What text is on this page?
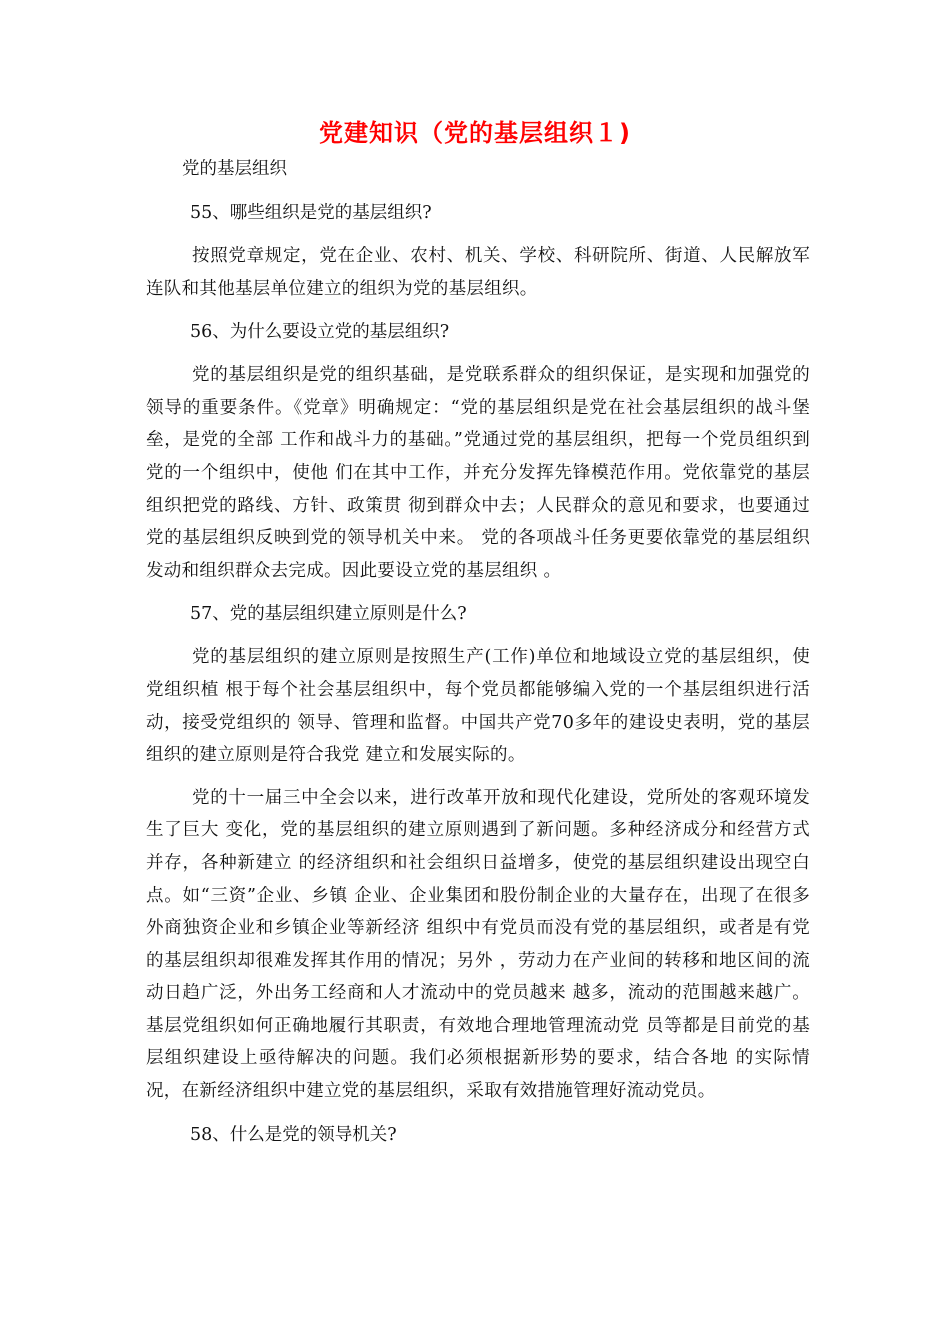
党建知识（党的基层组织１)

党的基层组织

55、哪些组织是党的基层组织?

按照党章规定，党在企业、农村、机关、学校、科研院所、街道、人民解放军连队和其他基层单位建立的组织为党的基层组织。

56、为什么要设立党的基层组织?

党的基层组织是党的组织基础，是党联系群众的组织保证，是实现和加强党的领导的重要条件。《党章》明确规定：“党的基层组织是党在社会基层组织的战斗堡垒，是党的全部 工作和战斗力的基础。”党通过党的基层组织，把每一个党员组织到党的一个组织中，使他 们在其中工作，并充分发挥先锋模范作用。党依靠党的基层组织把党的路线、方针、政策贯 彻到群众中去；人民群众的意见和要求，也要通过党的基层组织反映到党的领导机关中来。 党的各项战斗任务更要依靠党的基层组织发动和组织群众去完成。因此要设立党的基层组织 。

57、党的基层组织建立原则是什么?

党的基层组织的建立原则是按照生产(工作)单位和地域设立党的基层组织，使党组织植 根于每个社会基层组织中，每个党员都能够编入党的一个基层组织进行活动，接受党组织的 领导、管理和监督。中国共产党70多年的建设史表明，党的基层组织的建立原则是符合我党 建立和发展实际的。

党的十一届三中全会以来，进行改革开放和现代化建设，党所处的客观环境发生了巨大 变化，党的基层组织的建立原则遇到了新问题。多种经济成分和经营方式并存，各种新建立 的经济组织和社会组织日益增多，使党的基层组织建设出现空白点。如“三资”企业、乡镇 企业、企业集团和股份制企业的大量存在，出现了在很多外商独资企业和乡镇企业等新经济 组织中有党员而没有党的基层组织，或者是有党的基层组织却很难发挥其作用的情况；另外 ，劳动力在产业间的转移和地区间的流动日趋广泛，外出务工经商和人才流动中的党员越来 越多，流动的范围越来越广。基层党组织如何正确地履行其职责，有效地合理地管理流动党 员等都是目前党的基层组织建设上亟待解决的问题。我们必须根据新形势的要求，结合各地 的实际情况，在新经济组织中建立党的基层组织，采取有效措施管理好流动党员。

58、什么是党的领导机关?
